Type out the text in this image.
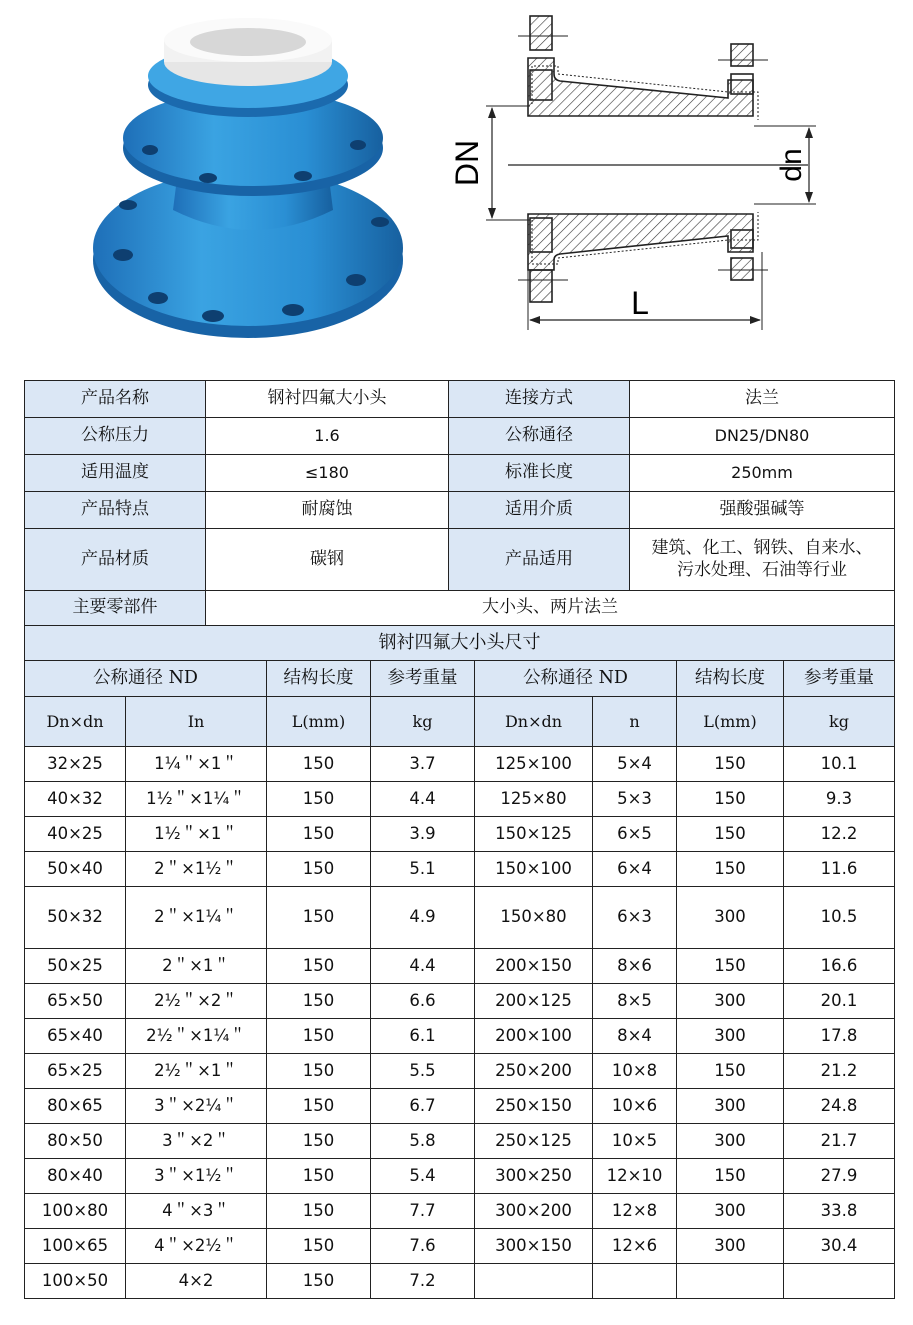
DN	dn
L
产品名称	钢衬四氟大小头	连接方式	法兰
公称压力	1.6	公称通径	DN25/DN80
适用温度	≤180	标准长度	250mm
产品特点	耐腐蚀	适用介质	强酸强碱等
产品材质	碳钢	产品适用	建筑、化工、钢铁、自来水、
污水处理、石油等行业

主要零部件	大小头、两片法兰		
钢衬四氟大小头尺寸							
公称通径 ND		结构长度	参考重量	公称通径 ND		结构长度	参考重量
Dn×dn	In	L(mm)	kg	Dn×dn	n	L(mm)	kg
32×25	1¼＂×1＂	150	3.7	125×100	5×4	150	10.1
40×32	1½＂×1¼＂	150	4.4	125×80	5×3	150	9.3
40×25	1½＂×1＂	150	3.9	150×125	6×5	150	12.2
50×40	2＂×1½＂	150	5.1	150×100	6×4	150	11.6
50×32	2＂×1¼＂	150	4.9	150×80	6×3	300	10.5
50×25	2＂×1＂	150	4.4	200×150	8×6	150	16.6
65×50	2½＂×2＂	150	6.6	200×125	8×5	300	20.1
65×40	2½＂×1¼＂	150	6.1	200×100	8×4	300	17.8
65×25	2½＂×1＂	150	5.5	250×200	10×8	150	21.2
80×65	3＂×2¼＂	150	6.7	250×150	10×6	300	24.8
80×50	3＂×2＂	150	5.8	250×125	10×5	300	21.7
80×40	3＂×1½＂	150	5.4	300×250	12×10	150	27.9
100×80	4＂×3＂	150	7.7	300×200	12×8	300	33.8
100×65	4＂×2½＂	150	7.6	300×150	12×6	300	30.4
100×50	4×2	150	7.2				
